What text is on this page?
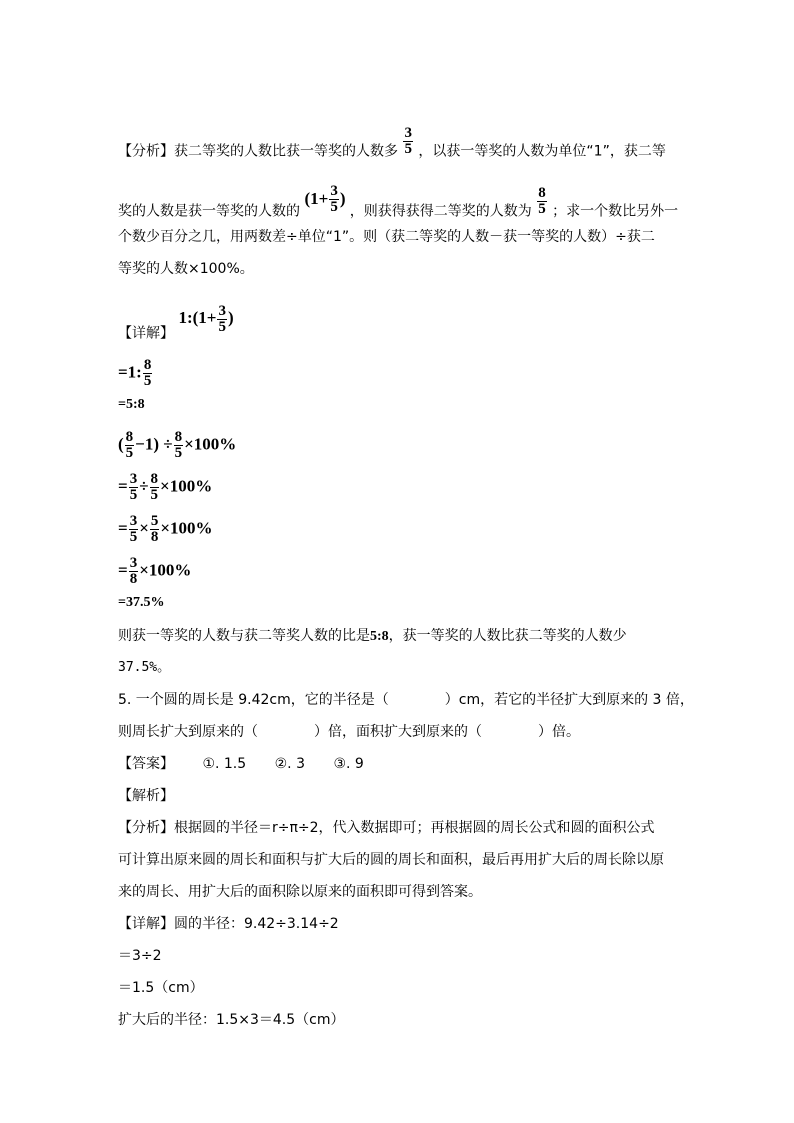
【分析】获二等奖的人数比获一等奖的人数多 $\frac{3}{5}$ ，以获一等奖的人数为单位“1”，获二等
奖的人数是获一等奖的人数的 ($1+ \frac{3}{5}$ ) ，则获得获得二等奖的人数为 $\frac{8}{5}$ ；求一个数比另外一
个数少百分之几，用两数差÷单位“1”。则（获二等奖的人数－获一等奖的人数）÷获二
等奖的人数×100%。
【详解】 1:(1+ $\frac{3}{5}$ )
=1: $\frac{8}{5}$
=5:8
( $\frac{8}{5} -1) \div \frac{8}{5} \times 100\%$
= $\frac{3}{5} \div \frac{8}{5} \times 100\%$
= $\frac{3}{5} \times \frac{5}{8} \times 100\%$
= $\frac{3}{8} \times 100\%$
=37.5%
则获一等奖的人数与获二等奖人数的比是5:8，获一等奖的人数比获二等奖的人数少
37.5%。
5. 一个圆的周长是 9.42cm，它的半径是（　　　　）cm，若它的半径扩大到原来的 3 倍，
则周长扩大到原来的（　　　　）倍，面积扩大到原来的（　　　　）倍。
【答案】 ①. 1.5 ②. 3 ③. 9
【解析】
【分析】根据圆的半径＝r÷π÷2，代入数据即可；再根据圆的周长公式和圆的面积公式
可计算出原来圆的周长和面积与扩大后的圆的周长和面积，最后再用扩大后的周长除以原
来的周长、用扩大后的面积除以原来的面积即可得到答案。
【详解】圆的半径：9.42÷3.14÷2
＝3÷2
＝1.5（cm）
扩大后的半径：1.5×3＝4.5（cm）
